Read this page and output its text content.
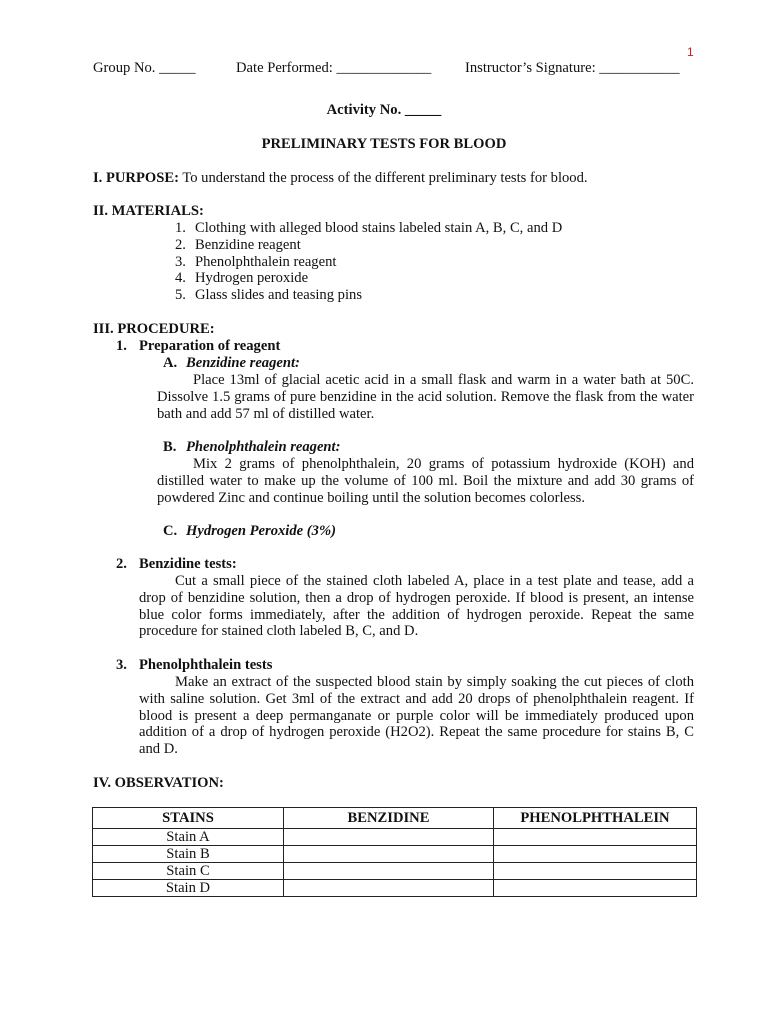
1
Group No. _____	Date Performed: _____________ Instructor’s Signature: ___________
Activity No. _____
PRELIMINARY TESTS FOR BLOOD
I. PURPOSE: To understand the process of the different preliminary tests for blood.
II. MATERIALS:
1. Clothing with alleged blood stains labeled stain A, B, C, and D
2. Benzidine reagent
3. Phenolphthalein reagent
4. Hydrogen peroxide
5. Glass slides and teasing pins
III. PROCEDURE:
1. Preparation of reagent
A. Benzidine reagent:
Place 13ml of glacial acetic acid in a small flask and warm in a water bath at 50C. Dissolve 1.5 grams of pure benzidine in the acid solution. Remove the flask from the water bath and add 57 ml of distilled water.
B. Phenolphthalein reagent:
Mix 2 grams of phenolphthalein, 20 grams of potassium hydroxide (KOH) and distilled water to make up the volume of 100 ml. Boil the mixture and add 30 grams of powdered Zinc and continue boiling until the solution becomes colorless.
C. Hydrogen Peroxide (3%)
2. Benzidine tests:
Cut a small piece of the stained cloth labeled A, place in a test plate and tease, add a drop of benzidine solution, then a drop of hydrogen peroxide. If blood is present, an intense blue color forms immediately, after the addition of hydrogen peroxide. Repeat the same procedure for stained cloth labeled B, C, and D.
3. Phenolphthalein tests
Make an extract of the suspected blood stain by simply soaking the cut pieces of cloth with saline solution. Get 3ml of the extract and add 20 drops of phenolphthalein reagent. If blood is present a deep permanganate or purple color will be immediately produced upon addition of a drop of hydrogen peroxide (H2O2). Repeat the same procedure for stains B, C and D.
IV. OBSERVATION:
STAINS	BENZIDINE	PHENOLPHTHALEIN
Stain A		
Stain B		
Stain C		
Stain D		
